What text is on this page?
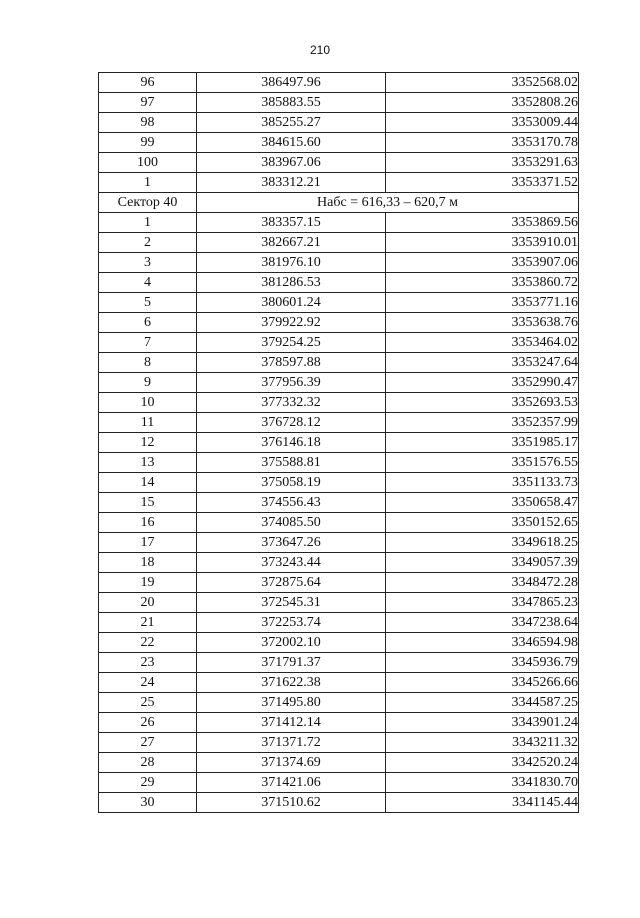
210
96	386497.96	3352568.02
97	385883.55	3352808.26
98	385255.27	3353009.44
99	384615.60	3353170.78
100	383967.06	3353291.63
1	383312.21	3353371.52
Сектор 40	Набс = 616,33 – 620,7 м	
1	383357.15	3353869.56
2	382667.21	3353910.01
3	381976.10	3353907.06
4	381286.53	3353860.72
5	380601.24	3353771.16
6	379922.92	3353638.76
7	379254.25	3353464.02
8	378597.88	3353247.64
9	377956.39	3352990.47
10	377332.32	3352693.53
11	376728.12	3352357.99
12	376146.18	3351985.17
13	375588.81	3351576.55
14	375058.19	3351133.73
15	374556.43	3350658.47
16	374085.50	3350152.65
17	373647.26	3349618.25
18	373243.44	3349057.39
19	372875.64	3348472.28
20	372545.31	3347865.23
21	372253.74	3347238.64
22	372002.10	3346594.98
23	371791.37	3345936.79
24	371622.38	3345266.66
25	371495.80	3344587.25
26	371412.14	3343901.24
27	371371.72	3343211.32
28	371374.69	3342520.24
29	371421.06	3341830.70
30	371510.62	3341145.44
